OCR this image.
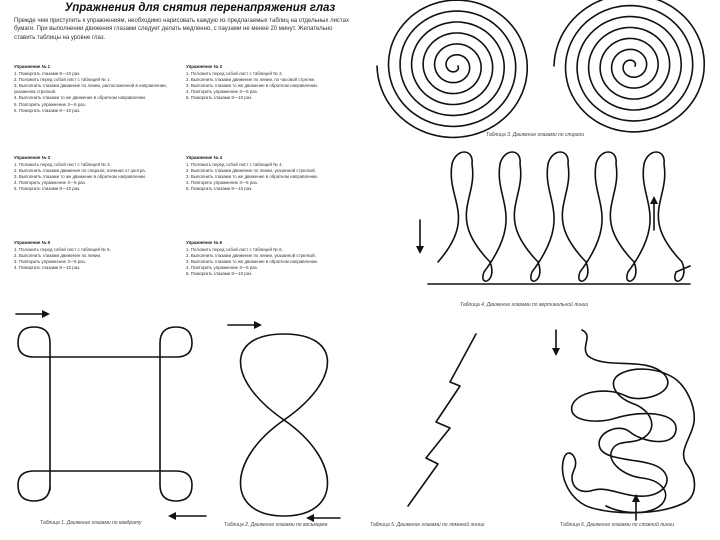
Упражнения для снятия перенапряжения глаз
Прежде чем приступить к упражнениям, необходимо нарисовать каждую из предлагаемых таблиц на отдельных листах бумаги. При выполнении движения глазами следует делать медленно, с паузами не менее 20 минут. Желательно ставить таблицы на уровне глаз.
Упражнение № 1
1. Поморгать глазами 8—10 раз.
2. Положить перед собой лист с таблицей № 1.
3. Выполнить глазами движение по линии, расположенной в направлении, указанном стрелкой.
4. Выполнить глазами то же движение в обратном направлении.
5. Повторить упражнение 3—5 раз.
6. Поморгать глазами 8—10 раз.
Упражнение № 2
1. Положить перед собой лист с таблицей № 2.
2. Выполнить глазами движение по линии, по часовой стрелке.
3. Выполнить глазами то же движение в обратном направлении.
4. Повторить упражнение 3—5 раз.
5. Поморгать глазами 8—10 раз.
Упражнение № 3
1. Положить перед собой лист с таблицей № 3.
2. Выполнить глазами движение по спирали, начиная от центра.
3. Выполнить глазами то же движение в обратном направлении.
4. Повторить упражнение 3—5 раз.
5. Поморгать глазами 8—10 раз.
Упражнение № 4
1. Положить перед собой лист с таблицей № 4.
2. Выполнить глазами движение по линии, указанной стрелкой.
3. Выполнить глазами то же движение в обратном направлении.
4. Повторить упражнение 3—5 раз.
5. Поморгать глазами 8—10 раз.
Упражнение № 5
1. Положить перед собой лист с таблицей № 5.
2. Выполнить глазами движение по линии.
3. Повторить упражнение 3—5 раз.
4. Поморгать глазами 8—10 раз.
Упражнение № 6
1. Положить перед собой лист с таблицей № 6.
2. Выполнить глазами движение по линии, указанной стрелкой.
3. Выполнить глазами то же движение в обратном направлении.
4. Повторить упражнение 3—5 раз.
5. Поморгать глазами 8—10 раз.
Таблица 1. Движение глазами по квадрату	Таблица 2. Движение глазами по восьмерке
Таблица 3. Движение глазами по спирали
Таблица 4. Движение глазами по вертикальной линии
Таблица 5. Движение глазами по ломаной линии	Таблица 6. Движение глазами по сложной линии
